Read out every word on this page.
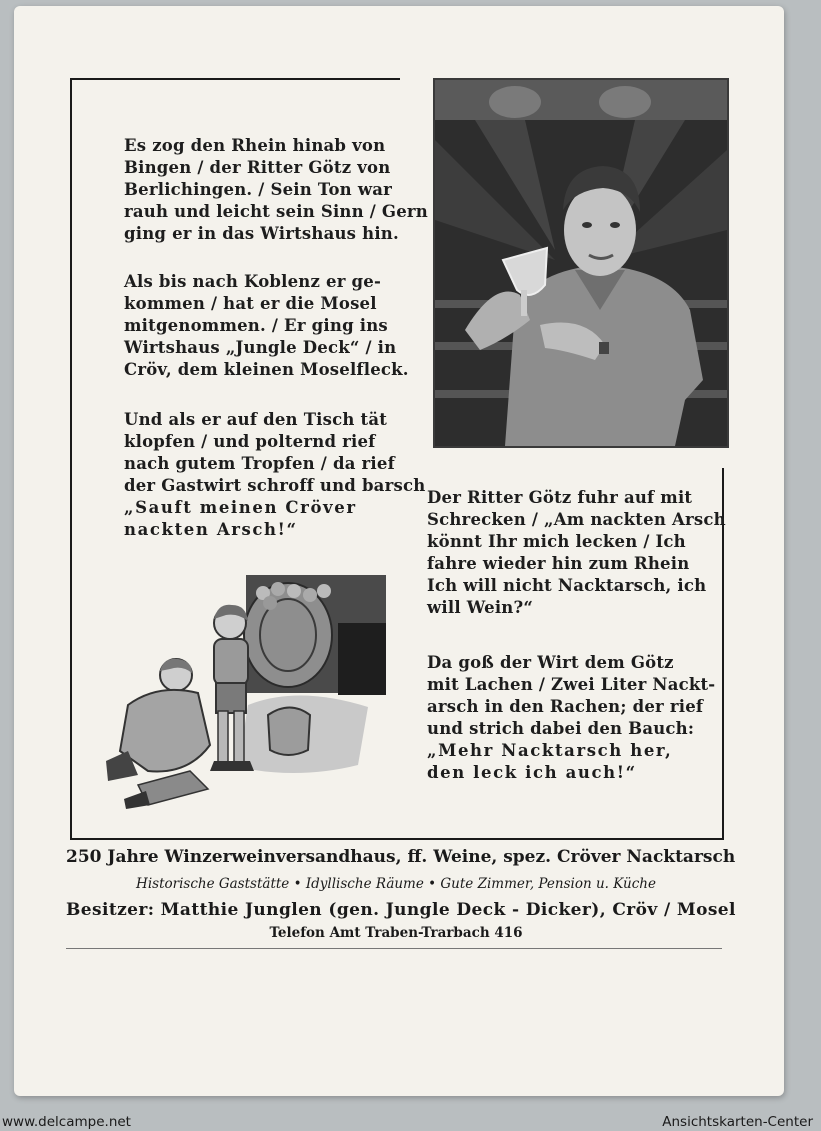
Es zog den Rhein hinab von
Bingen / der Ritter Götz von
Berlichingen. / Sein Ton war
rauh und leicht sein Sinn / Gern
ging er in das Wirtshaus hin.

Als bis nach Koblenz er ge-
kommen / hat er die Mosel
mitgenommen. / Er ging ins
Wirtshaus „Jungle Deck“ / in
Cröv, dem kleinen Moselfleck.

Und als er auf den Tisch tät
klopfen / und polternd rief
nach gutem Tropfen / da rief
der Gastwirt schroff und barsch

„Sauft meinen Cröver
nackten Arsch!“

Der Ritter Götz fuhr auf mit
Schrecken / „Am nackten Arsch
könnt Ihr mich lecken / Ich
fahre wieder hin zum Rhein
Ich will nicht Nacktarsch, ich
will Wein?“

Da goß der Wirt dem Götz
mit Lachen / Zwei Liter Nackt-
arsch in den Rachen; der rief
und strich dabei den Bauch:

„Mehr Nacktarsch her,
den leck ich auch!“

250 Jahre Winzerweinversandhaus, ff. Weine, spez. Cröver Nacktarsch

Historische Gaststätte • Idyllische Räume • Gute Zimmer, Pension u. Küche

Besitzer: Matthie Junglen (gen. Jungle Deck - Dicker), Cröv / Mosel

Telefon Amt Traben-Trarbach 416

www.delcampe.net	Ansichtskarten-Center
